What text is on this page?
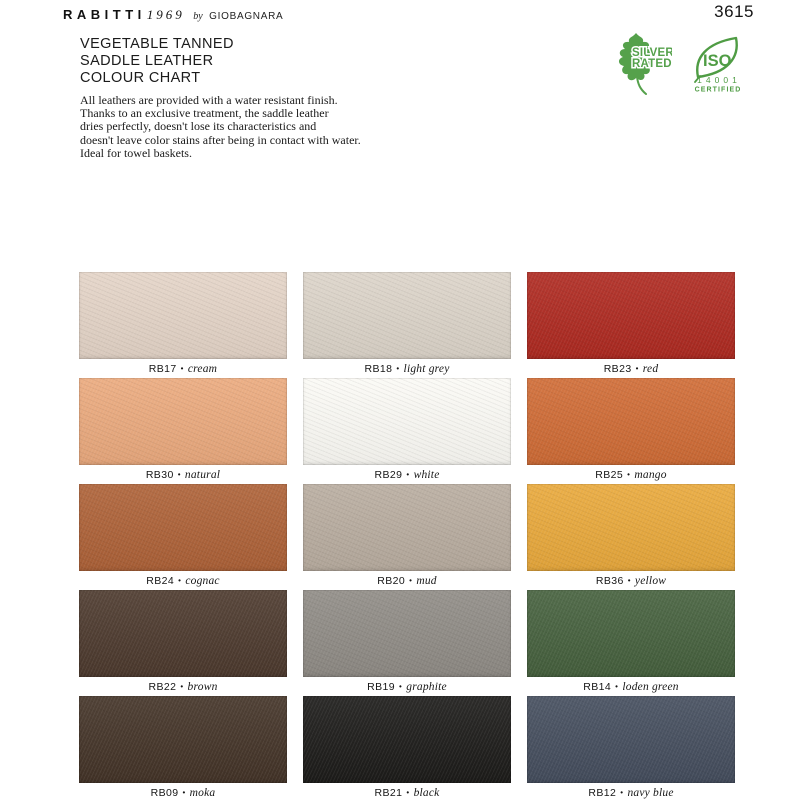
RABITTI1969 by GIOBAGNARA	3615
VEGETABLE TANNED
SADDLE LEATHER
COLOUR CHART
SILVER
RATED ISO
14001
CERTIFIED
All leathers are provided with a water resistant finish.
Thanks to an exclusive treatment, the saddle leather
dries perfectly, doesn't lose its characteristics and
doesn't leave color stains after being in contact with water.
Ideal for towel baskets.
RB17 • cream	RB18 • light grey	RB23 • red
RB30 • natural	RB29 • white	RB25 • mango
RB24 • cognac	RB20 • mud	RB36 • yellow
RB22 • brown	RB19 • graphite	RB14 • loden green
RB09 • moka	RB21 • black	RB12 • navy blue
